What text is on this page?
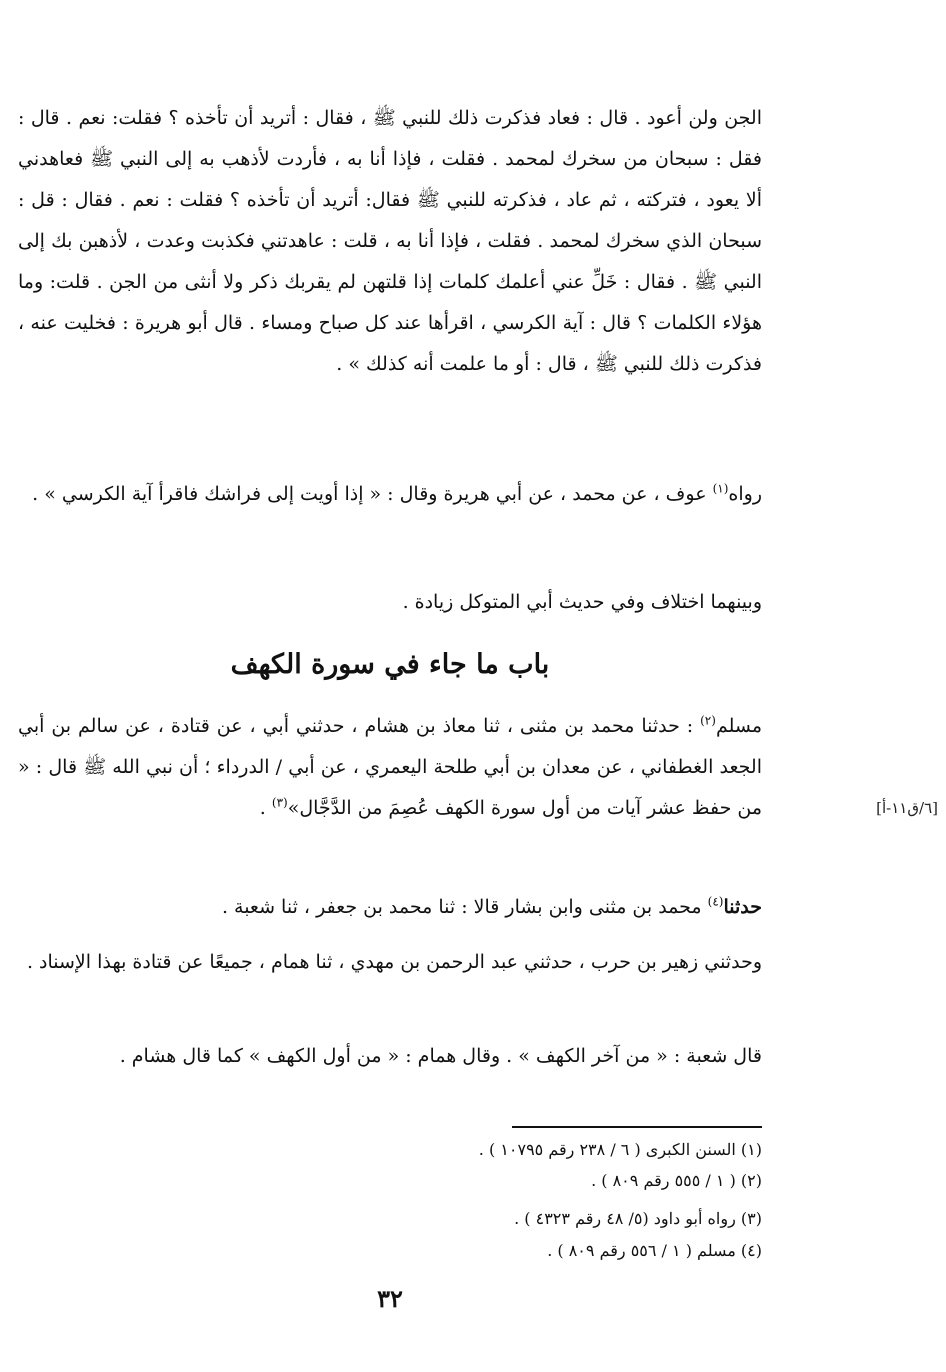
الجن ولن أعود . قال : فعاد فذكرت ذلك للنبي ﷺ ، فقال : أتريد أن تأخذه ؟ فقلت: نعم . قال : فقل : سبحان من سخرك لمحمد . فقلت ، فإذا أنا به ، فأردت لأذهب به إلى النبي ﷺ فعاهدني ألا يعود ، فتركته ، ثم عاد ، فذكرته للنبي ﷺ فقال: أتريد أن تأخذه ؟ فقلت : نعم . فقال : قل : سبحان الذي سخرك لمحمد . فقلت ، فإذا أنا به ، قلت : عاهدتني فكذبت وعدت ، لأذهبن بك إلى النبي ﷺ . فقال : خَلِّ عني أعلمك كلمات إذا قلتهن لم يقربك ذكر ولا أنثى من الجن . قلت: وما هؤلاء الكلمات ؟ قال : آية الكرسي ، اقرأها عند كل صباح ومساء . قال أبو هريرة : فخليت عنه ، فذكرت ذلك للنبي ﷺ ، قال : أو ما علمت أنه كذلك » .

رواه$^{(١)}$ عوف ، عن محمد ، عن أبي هريرة وقال : « إذا أويت إلى فراشك فاقرأ آية الكرسي » .

وبينهما اختلاف وفي حديث أبي المتوكل زيادة .

باب ما جاء في سورة الكهف

مسلم$^{(٢)}$ : حدثنا محمد بن مثنى ، ثنا معاذ بن هشام ، حدثني أبي ، عن قتادة ، عن سالم بن أبي الجعد الغطفاني ، عن معدان بن أبي طلحة اليعمري ، عن أبي / الدرداء ؛ أن نبي الله ﷺ قال : « من حفظ عشر آيات من أول سورة الكهف عُصِمَ من الدَّجَّال»$^{(٣)}$ .	[٦/ق١١-أ]

حدثنا$^{(٤)}$ محمد بن مثنى وابن بشار قالا : ثنا محمد بن جعفر ، ثنا شعبة .

وحدثني زهير بن حرب ، حدثني عبد الرحمن بن مهدي ، ثنا همام ، جميعًا عن قتادة بهذا الإسناد .

قال شعبة : « من آخر الكهف » . وقال همام : « من أول الكهف » كما قال هشام .

(١) السنن الكبرى ( ٦ / ٢٣٨ رقم ١٠٧٩٥ ) .
(٢) ( ١ / ٥٥٥ رقم ٨٠٩ ) .
(٣) رواه أبو داود (٥/ ٤٨ رقم ٤٣٢٣ ) .
(٤) مسلم ( ١ / ٥٥٦ رقم ٨٠٩ ) .
٣٢
